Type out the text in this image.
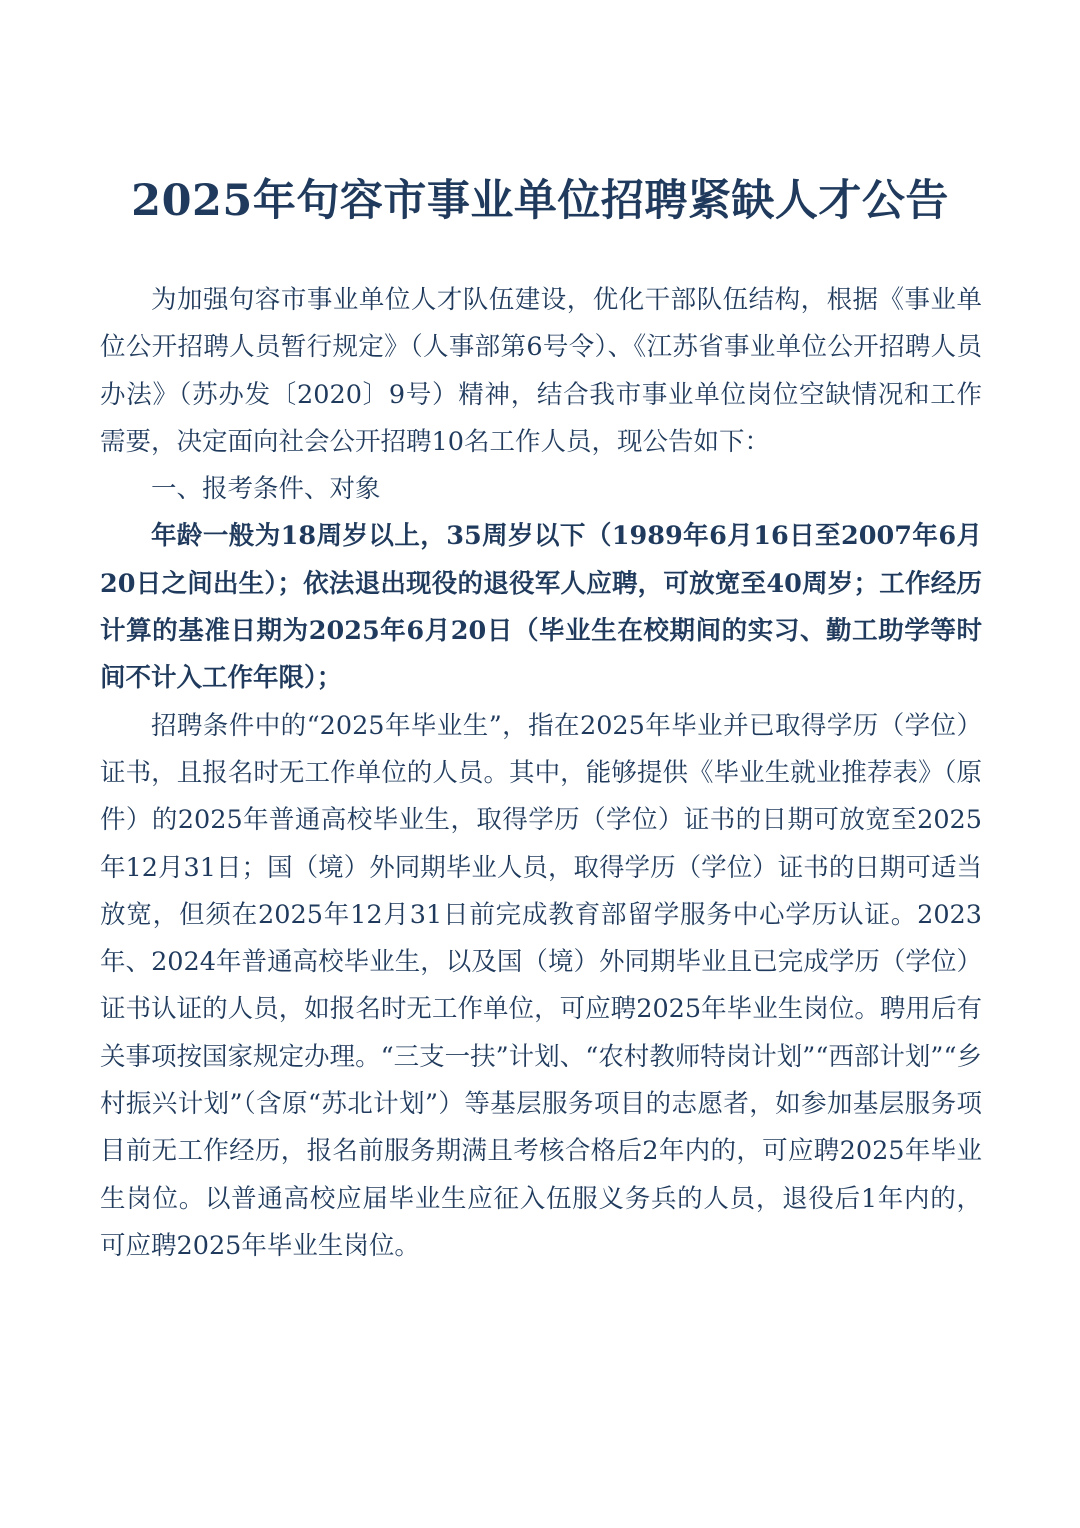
2025年句容市事业单位招聘紧缺人才公告

为加强句容市事业单位人才队伍建设，优化干部队伍结构，根据《事业单位公开招聘人员暂行规定》（人事部第6号令）、《江苏省事业单位公开招聘人员办法》（苏办发〔2020〕9号）精神，结合我市事业单位岗位空缺情况和工作需要，决定面向社会公开招聘10名工作人员，现公告如下：

一、报考条件、对象

年龄一般为18周岁以上，35周岁以下（1989年6月16日至2007年6月20日之间出生）；依法退出现役的退役军人应聘，可放宽至40周岁；工作经历计算的基准日期为2025年6月20日（毕业生在校期间的实习、勤工助学等时间不计入工作年限）；

招聘条件中的“2025年毕业生”，指在2025年毕业并已取得学历（学位）证书，且报名时无工作单位的人员。其中，能够提供《毕业生就业推荐表》（原件）的2025年普通高校毕业生，取得学历（学位）证书的日期可放宽至2025年12月31日；国（境）外同期毕业人员，取得学历（学位）证书的日期可适当放宽，但须在2025年12月31日前完成教育部留学服务中心学历认证。2023年、2024年普通高校毕业生，以及国（境）外同期毕业且已完成学历（学位）证书认证的人员，如报名时无工作单位，可应聘2025年毕业生岗位。聘用后有关事项按国家规定办理。“三支一扶”计划、“农村教师特岗计划”“西部计划”“乡村振兴计划”（含原“苏北计划”）等基层服务项目的志愿者，如参加基层服务项目前无工作经历，报名前服务期满且考核合格后2年内的，可应聘2025年毕业生岗位。以普通高校应届毕业生应征入伍服义务兵的人员，退役后1年内的，可应聘2025年毕业生岗位。
